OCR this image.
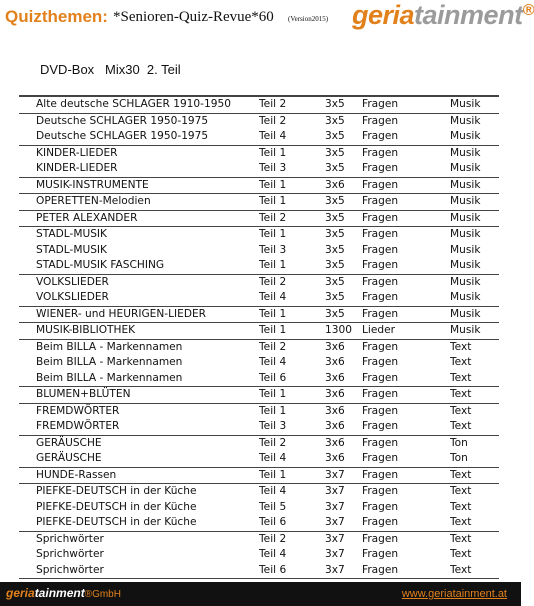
Quizthemen: *Senioren-Quiz-Revue*60 (Version2015) geriatainment®
DVD-Box   Mix30  2. Teil
Alte deutsche SCHLAGER 1910-1950	Teil 2	3x5 Fragen	Musik
Deutsche SCHLAGER 1950-1975	Teil 2	3x5 Fragen	Musik
Deutsche SCHLAGER 1950-1975	Teil 4	3x5 Fragen	Musik
KINDER-LIEDER	Teil 1	3x5 Fragen	Musik
KINDER-LIEDER	Teil 3	3x5 Fragen	Musik
MUSIK-INSTRUMENTE	Teil 1	3x6 Fragen	Musik
OPERETTEN-Melodien	Teil 1	3x5 Fragen	Musik
PETER ALEXANDER	Teil 2	3x5 Fragen	Musik
STADL-MUSIK	Teil 1	3x5 Fragen	Musik
STADL-MUSIK	Teil 3	3x5 Fragen	Musik
STADL-MUSIK FASCHING	Teil 1	3x5 Fragen	Musik
VOLKSLIEDER	Teil 2	3x5 Fragen	Musik
VOLKSLIEDER	Teil 4	3x5 Fragen	Musik
WIENER- und HEURIGEN-LIEDER	Teil 1	3x5 Fragen	Musik
MUSIK-BIBLIOTHEK	Teil 1	1300 Lieder	Musik
Beim BILLA - Markennamen	Teil 2	3x6 Fragen	Text
Beim BILLA - Markennamen	Teil 4	3x6 Fragen	Text
Beim BILLA - Markennamen	Teil 6	3x6 Fragen	Text
BLUMEN+BLÜTEN	Teil 1	3x6 Fragen	Text
FREMDWÖRTER	Teil 1	3x6 Fragen	Text
FREMDWÖRTER	Teil 3	3x6 Fragen	Text
GERÄUSCHE	Teil 2	3x6 Fragen	Ton
GERÄUSCHE	Teil 4	3x6 Fragen	Ton
HUNDE-Rassen	Teil 1	3x7 Fragen	Text
PIEFKE-DEUTSCH in der Küche	Teil 4	3x7 Fragen	Text
PIEFKE-DEUTSCH in der Küche	Teil 5	3x7 Fragen	Text
PIEFKE-DEUTSCH in der Küche	Teil 6	3x7 Fragen	Text
Sprichwörter	Teil 2	3x7 Fragen	Text
Sprichwörter	Teil 4	3x7 Fragen	Text
Sprichwörter	Teil 6	3x7 Fragen	Text
geriatainment®GmbH	www.geriatainment.at
